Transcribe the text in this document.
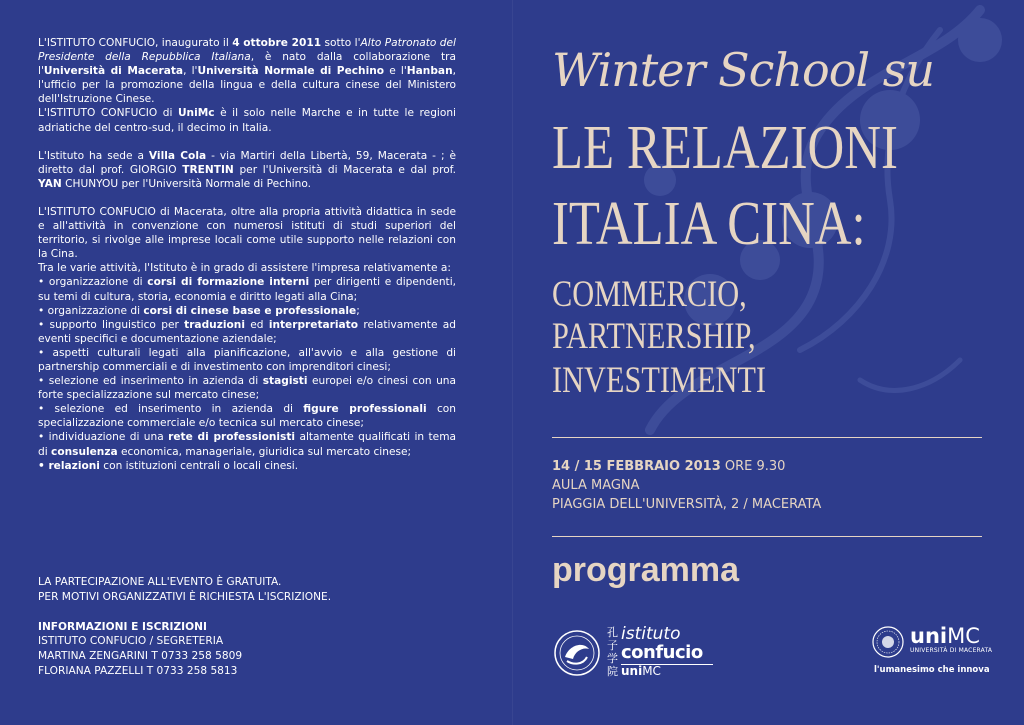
L'ISTITUTO CONFUCIO, inaugurato il 4 ottobre 2011 sotto l'Alto Patronato del Presidente della Repubblica Italiana, è nato dalla collaborazione tra l'Università di Macerata, l'Università Normale di Pechino e l'Hanban, l'ufficio per la promozione della lingua e della cultura cinese del Ministero dell'Istruzione Cinese.

L'ISTITUTO CONFUCIO di UniMc è il solo nelle Marche e in tutte le regioni adriatiche del centro-sud, il decimo in Italia.

L'Istituto ha sede a Villa Cola - via Martiri della Libertà, 59, Macerata - ; è diretto dal prof. GIORGIO TRENTIN per l'Università di Macerata e dal prof. YAN CHUNYOU per l'Università Normale di Pechino.

L'ISTITUTO CONFUCIO di Macerata, oltre alla propria attività didattica in sede e all'attività in convenzione con numerosi istituti di studi superiori del territorio, si rivolge alle imprese locali come utile supporto nelle relazioni con la Cina.

Tra le varie attività, l'Istituto è in grado di assistere l'impresa relativamente a:

• organizzazione di corsi di formazione interni per dirigenti e dipendenti, su temi di cultura, storia, economia e diritto legati alla Cina;

• organizzazione di corsi di cinese base e professionale;

• supporto linguistico per traduzioni ed interpretariato relativamente ad eventi specifici e documentazione aziendale;

• aspetti culturali legati alla pianificazione, all'avvio e alla gestione di partnership commerciali e di investimento con imprenditori cinesi;

• selezione ed inserimento in azienda di stagisti europei e/o cinesi con una forte specializzazione sul mercato cinese;

• selezione ed inserimento in azienda di figure professionali con specializzazione commerciale e/o tecnica sul mercato cinese;

• individuazione di una rete di professionisti altamente qualificati in tema di consulenza economica, manageriale, giuridica sul mercato cinese;

• relazioni con istituzioni centrali o locali cinesi.

LA PARTECIPAZIONE ALL'EVENTO È GRATUITA.

PER MOTIVI ORGANIZZATIVI È RICHIESTA L'ISCRIZIONE.

INFORMAZIONI E ISCRIZIONI

ISTITUTO CONFUCIO / SEGRETERIA

MARTINA ZENGARINI T 0733 258 5809

FLORIANA PAZZELLI T 0733 258 5813

Winter School su
LE RELAZIONI
ITALIA CINA:
COMMERCIO,
PARTNERSHIP,
INVESTIMENTI
14 / 15 FEBBRAIO 2013 ORE 9.30
AULA MAGNA
PIAGGIA DELL'UNIVERSITÀ, 2 / MACERATA
programma
孔子学院
istituto
confucio
uniMC
uniMC
UNIVERSITÀ DI MACERATA
l'umanesimo che innova
